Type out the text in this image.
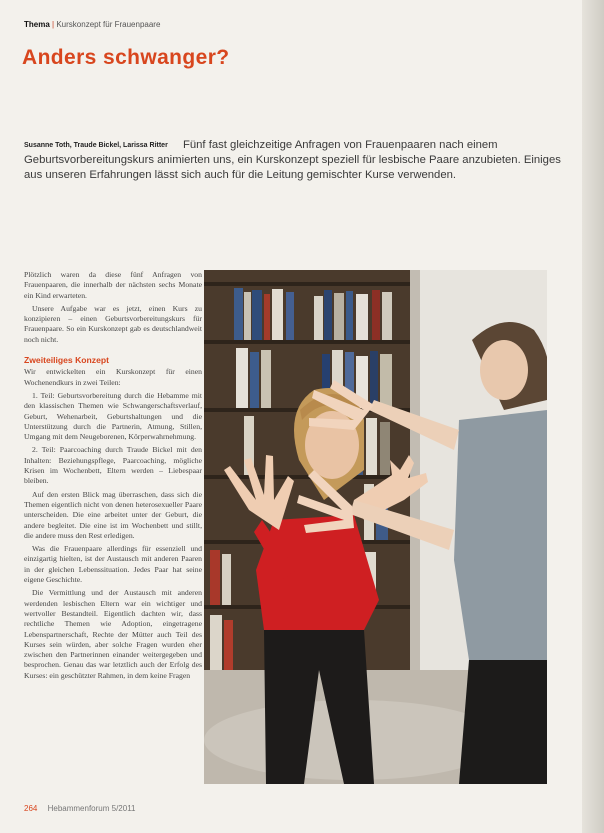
Thema | Kurskonzept für Frauenpaare
Anders schwanger?
Susanne Toth, Traude Bickel, Larissa Ritter Fünf fast gleichzeitige Anfragen von Frauenpaaren nach einem Geburtsvorbereitungskurs animierten uns, ein Kurskonzept speziell für lesbische Paare anzubieten. Einiges aus unseren Erfahrungen lässt sich auch für die Leitung gemischter Kurse verwenden.

Plötzlich waren da diese fünf Anfragen von Frauenpaaren, die innerhalb der nächsten sechs Monate ein Kind erwarteten.

Unsere Aufgabe war es jetzt, einen Kurs zu konzipieren – einen Geburtsvorbereitungskurs für Frauenpaare. So ein Kurskonzept gab es deutschlandweit noch nicht.

Zweiteiliges Konzept

Wir entwickelten ein Kurskonzept für einen Wochenendkurs in zwei Teilen:

1. Teil: Geburtsvorbereitung durch die Hebamme mit den klassischen Themen wie Schwangerschaftsverlauf, Geburt, Wehenarbeit, Geburtshaltungen und die Unterstützung durch die Partnerin, Atmung, Stillen, Umgang mit dem Neugeborenen, Körperwahrnehmung.

2. Teil: Paarcoaching durch Traude Bickel mit den Inhalten: Beziehungspflege, Paarcoaching, mögliche Krisen im Wochenbett, Eltern werden – Liebespaar bleiben.

Auf den ersten Blick mag überraschen, dass sich die Themen eigentlich nicht von denen heterosexueller Paare unterscheiden. Die eine arbeitet unter der Geburt, die andere begleitet. Die eine ist im Wochenbett und stillt, die andere muss den Rest erledigen.

Was die Frauenpaare allerdings für essenziell und einzigartig hielten, ist der Austausch mit anderen Paaren in der gleichen Lebenssituation. Jedes Paar hat seine eigene Geschichte.

Die Vermittlung und der Austausch mit anderen werdenden lesbischen Eltern war ein wichtiger und wertvoller Bestandteil. Eigentlich dachten wir, dass rechtliche Themen wie Adoption, eingetragene Lebenspartnerschaft, Rechte der Mütter auch Teil des Kurses sein würden, aber solche Fragen wurden eher zwischen den Partnerinnen einander weitergegeben und besprochen. Genau das war letztlich auch der Erfolg des Kurses: ein geschützter Rahmen, in dem keine Fragen

264 Hebammenforum 5/2011
